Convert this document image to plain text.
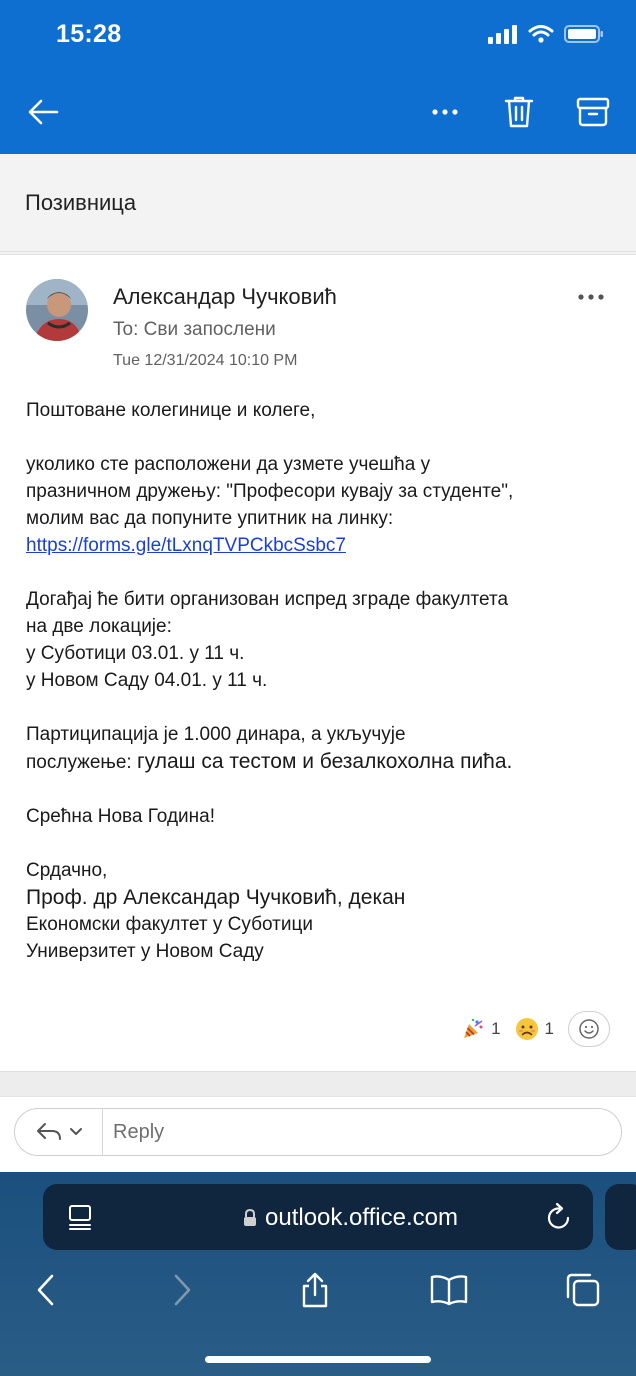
15:28
Позивница
Александар Чучковић
To: Сви запослени
Tue 12/31/2024 10:10 PM
Поштоване колегинице и колеге,
уколико сте расположени да узмете учешћа у
празничном дружењу: "Професори кувају за студенте",
молим вас да попуните упитник на линку:
https://forms.gle/tLxnqTVPCkbcSsbc7
Догађај ће бити организован испред зграде факултета
на две локације:
у Суботици 03.01. у 11 ч.
у Новом Саду 04.01. у 11 ч.
Партиципација је 1.000 динара, а укључује
послужење: гулаш са тестом и безалкохолна пића.
Срећна Нова Година!
Срдачно,
Проф. др Александар Чучковић, декан
Економски факултет у Суботици
Универзитет у Новом Саду
1	1
Reply
outlook.office.com
